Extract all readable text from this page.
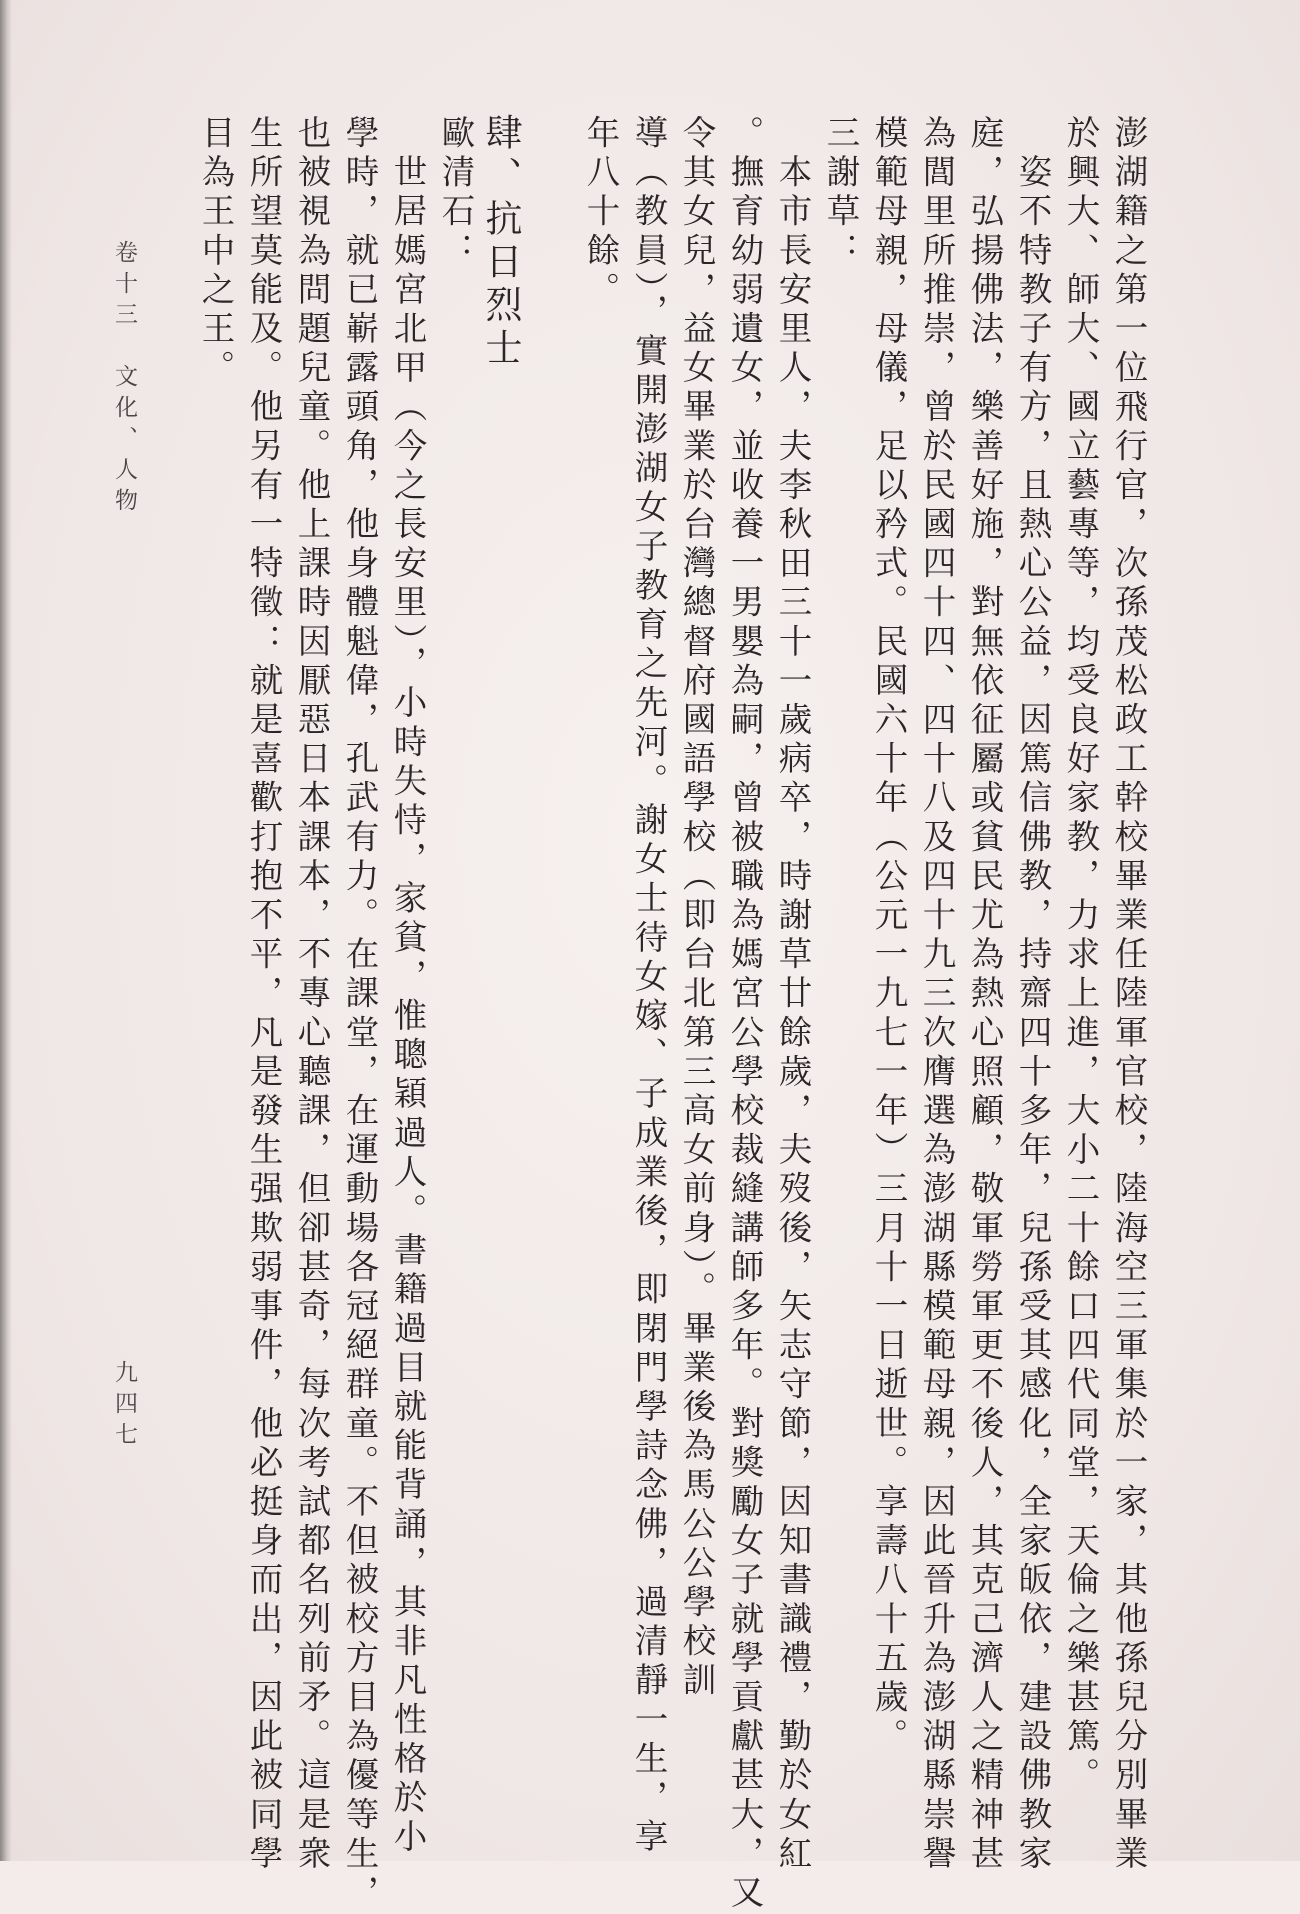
澎湖籍之第一位飛行官，次孫茂松政工幹校畢業任陸軍官校，陸海空三軍集於一家，其他孫兒分別畢業
於興大、師大、國立藝專等，均受良好家教，力求上進，大小二十餘口四代同堂，天倫之樂甚篤。
　姿不特教子有方，且熱心公益，因篤信佛教，持齋四十多年，兒孫受其感化，全家皈依，建設佛教家
庭，弘揚佛法，樂善好施，對無依征屬或貧民尤為熱心照顧，敬軍勞軍更不後人，其克己濟人之精神甚
為閭里所推崇，曾於民國四十四、四十八及四十九三次膺選為澎湖縣模範母親，因此晉升為澎湖縣崇譽
模範母親，母儀，足以矜式。民國六十年（公元一九七一年）三月十一日逝世。享壽八十五歲。
三謝草：
　本市長安里人，夫李秋田三十一歲病卒，時謝草廿餘歲，夫歿後，矢志守節，因知書識禮，勤於女紅
。撫育幼弱遺女，並收養一男嬰為嗣，曾被職為媽宮公學校裁縫講師多年。對獎勵女子就學貢獻甚大，又
令其女兒，益女畢業於台灣總督府國語學校（即台北第三高女前身）。畢業後為馬公公學校訓
導（教員），實開澎湖女子教育之先河。謝女士待女嫁、子成業後，即閉門學詩念佛，過清靜一生，享
年八十餘。
肆、抗日烈士
歐清石：
　世居媽宮北甲（今之長安里），小時失恃，家貧，惟聰穎過人。書籍過目就能背誦，其非凡性格於小
學時，就已嶄露頭角，他身體魁偉，孔武有力。在課堂，在運動場各冠絕群童。不但被校方目為優等生，
也被視為問題兒童。他上課時因厭惡日本課本，不專心聽課，但卻甚奇，每次考試都名列前矛。這是衆
生所望莫能及。他另有一特徵：就是喜歡打抱不平，凡是發生强欺弱事件，他必挺身而出，因此被同學
目為王中之王。
卷十三　文化、人物
九四七
